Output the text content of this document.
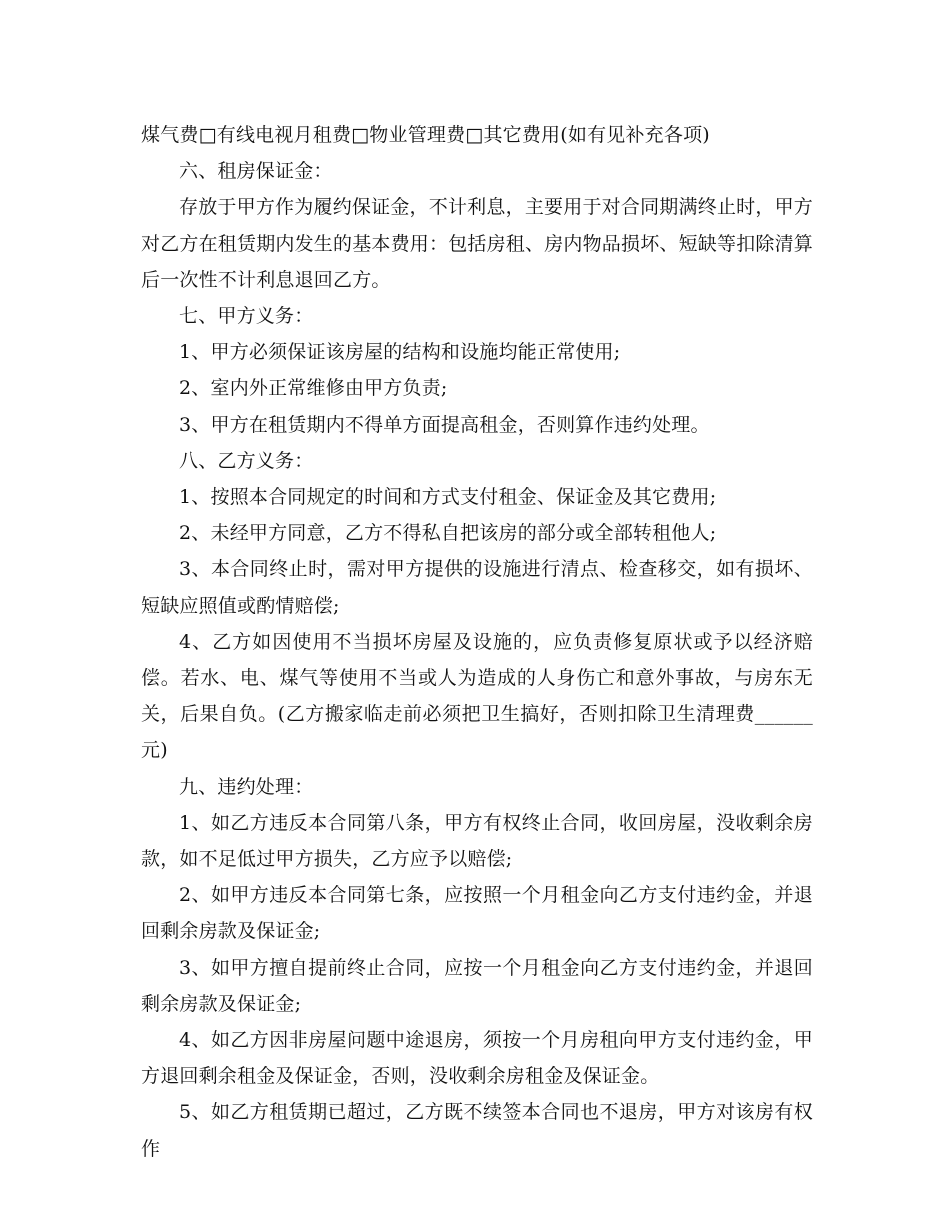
煤气费□有线电视月租费□物业管理费□其它费用(如有见补充各项)

六、租房保证金：

存放于甲方作为履约保证金，不计利息，主要用于对合同期满终止时，甲方对乙方在租赁期内发生的基本费用：包括房租、房内物品损坏、短缺等扣除清算后一次性不计利息退回乙方。

七、甲方义务：

1、甲方必须保证该房屋的结构和设施均能正常使用;

2、室内外正常维修由甲方负责;

3、甲方在租赁期内不得单方面提高租金，否则算作违约处理。

八、乙方义务：

1、按照本合同规定的时间和方式支付租金、保证金及其它费用;

2、未经甲方同意，乙方不得私自把该房的部分或全部转租他人;

3、本合同终止时，需对甲方提供的设施进行清点、检查移交，如有损坏、短缺应照值或酌情赔偿;

4、乙方如因使用不当损坏房屋及设施的，应负责修复原状或予以经济赔偿。若水、电、煤气等使用不当或人为造成的人身伤亡和意外事故，与房东无关，后果自负。(乙方搬家临走前必须把卫生搞好，否则扣除卫生清理费______元)

九、违约处理：

1、如乙方违反本合同第八条，甲方有权终止合同，收回房屋，没收剩余房款，如不足低过甲方损失，乙方应予以赔偿;

2、如甲方违反本合同第七条，应按照一个月租金向乙方支付违约金，并退回剩余房款及保证金;

3、如甲方擅自提前终止合同，应按一个月租金向乙方支付违约金，并退回剩余房款及保证金;

4、如乙方因非房屋问题中途退房，须按一个月房租向甲方支付违约金，甲方退回剩余租金及保证金，否则，没收剩余房租金及保证金。

5、如乙方租赁期已超过，乙方既不续签本合同也不退房，甲方对该房有权作
